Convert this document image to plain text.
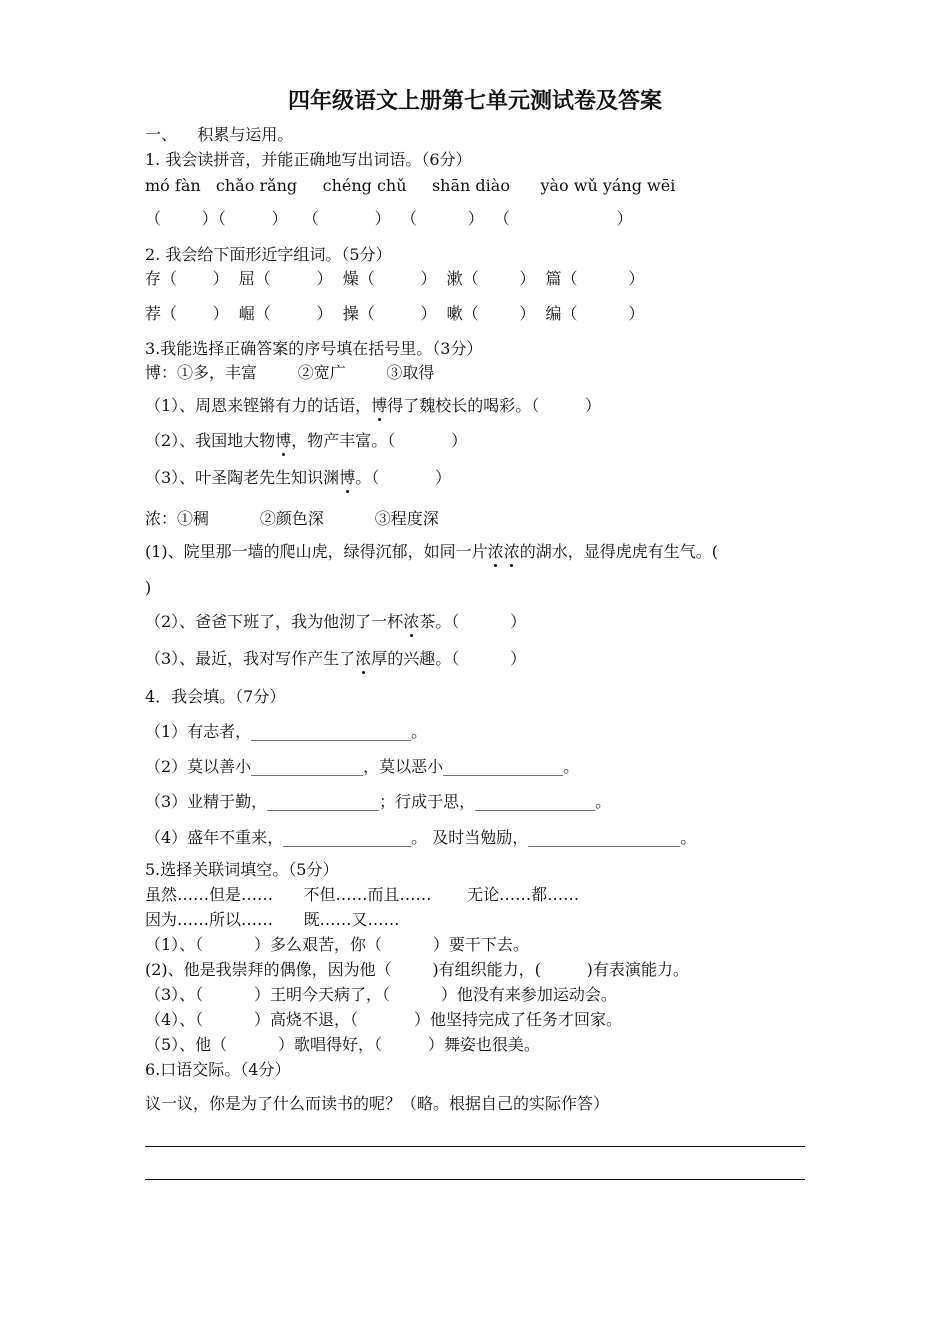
四年级语文上册第七单元测试卷及答案
一、    积累与运用。
1. 我会读拼音，并能正确地写出词语。（6分）
mó fàn   chǎo rǎng     chéng chǔ     shān diào      yào wǔ yáng wēi
（        ）（         ）   （           ）  （          ）  （                     ）
2. 我会给下面形近字组词。（5分）
存（       ）  屈（         ）  燥（         ）  漱（        ）  篇（          ）
荐（       ）  崛（         ）  操（         ）  嗽（        ）  编（          ）
3.我能选择正确答案的序号填在括号里。（3分）
博：①多，丰富        ②宽广        ③取得
（1）、周恩来铿锵有力的话语，博得了魏校长的喝彩。（         ）
（2）、我国地大物博，物产丰富。（           ）
（3）、叶圣陶老先生知识渊博。（           ）
浓：①稠          ②颜色深          ③程度深
(1)、院里那一墙的爬山虎，绿得沉郁，如同一片浓浓的湖水，显得虎虎有生气。(
)
（2）、爸爸下班了，我为他沏了一杯浓茶。（          ）
（3）、最近，我对写作产生了浓厚的兴趣。（          ）
4．我会填。（7分）
（1）有志者，____________________。
（2）莫以善小______________，莫以恶小_______________。
（3）业精于勤，______________；行成于思，_______________。
（4）盛年不重来，________________。 及时当勉励，___________________。
5.选择关联词填空。（5分）
虽然……但是……      不但……而且……       无论……都……
因为……所以……      既……又……
（1）、（          ）多么艰苦，你（          ）要干下去。
(2)、他是我崇拜的偶像，因为他（        )有组织能力，(         )有表演能力。
（3）、（          ）王明今天病了，（          ）他没有来参加运动会。
（4）、（          ）高烧不退，（           ）他坚持完成了任务才回家。
（5）、他（          ）歌唱得好，（         ）舞姿也很美。
6.口语交际。（4分）
议一议，你是为了什么而读书的呢？（略。根据自己的实际作答）
